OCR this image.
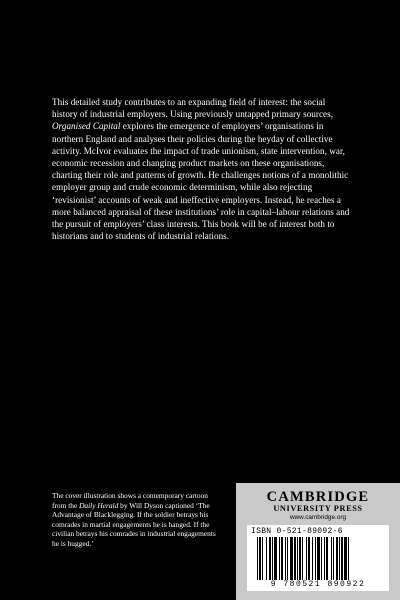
This detailed study contributes to an expanding field of interest: the social history of industrial employers. Using previously untapped primary sources, Organised Capital explores the emergence of employers’ organisations in northern England and analyses their policies during the heyday of collective activity. McIvor evaluates the impact of trade unionism, state intervention, war, economic recession and changing product markets on these organisations, charting their role and patterns of growth. He challenges notions of a monolithic employer group and crude economic determinism, while also rejecting ‘revisionist’ accounts of weak and ineffective employers. Instead, he reaches a more balanced appraisal of these institutions’ role in capital–labour relations and the pursuit of employers’ class interests. This book will be of interest both to historians and to students of industrial relations.

The cover illustration shows a contemporary cartoon from the Daily Herald by Will Dyson captioned ‘The Advantage of Blacklegging. If the soldier betrays his comrades in martial engagements he is hanged. If the civilian betrays his comrades in industrial engagements he is hugged.’

CAMBRIDGE
UNIVERSITY PRESS
www.cambridge.org
ISBN 0-521-89092-6
9 780521 890922
